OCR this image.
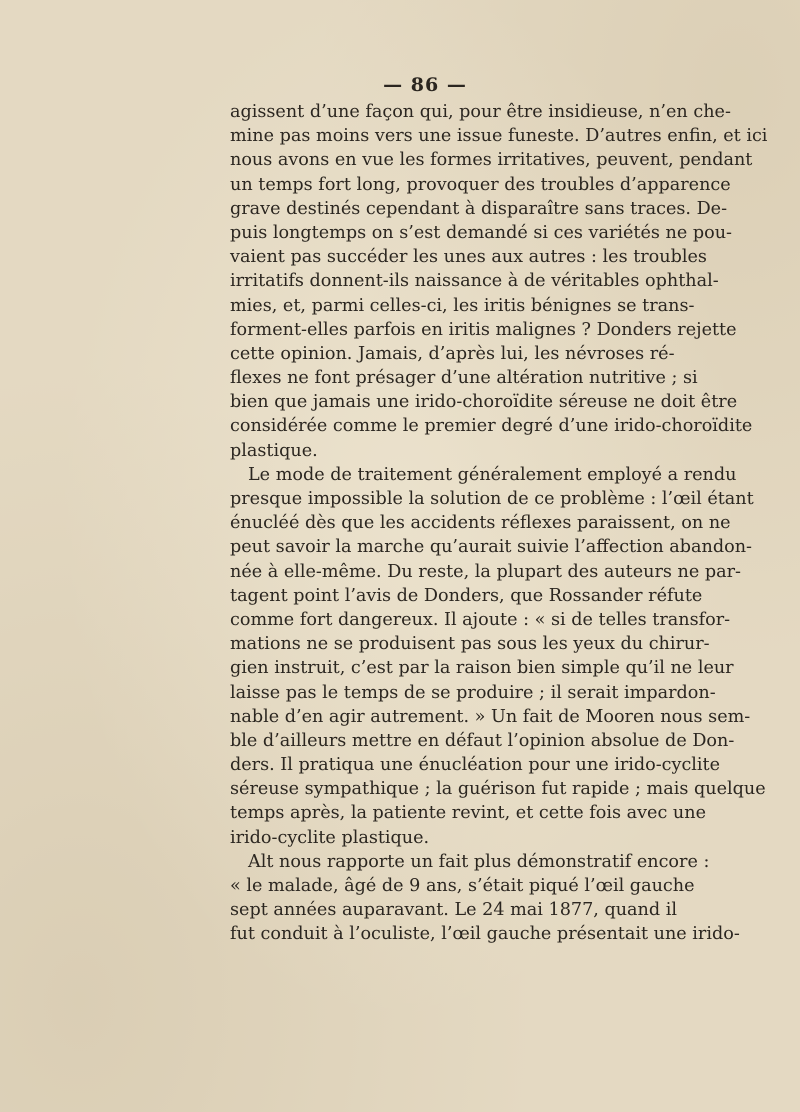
— 86 —
agissent d’une façon qui, pour être insidieuse, n’en che-
mine pas moins vers une issue funeste. D’autres enfin, et ici
nous avons en vue les formes irritatives, peuvent, pendant
un temps fort long, provoquer des troubles d’apparence
grave destinés cependant à disparaître sans traces. De-
puis longtemps on s’est demandé si ces variétés ne pou-
vaient pas succéder les unes aux autres : les troubles
irritatifs donnent-ils naissance à de véritables ophthal-
mies, et, parmi celles-ci, les iritis bénignes se trans-
forment-elles parfois en iritis malignes ? Donders rejette
cette opinion. Jamais, d’après lui, les névroses ré-
flexes ne font présager d’une altération nutritive ; si
bien que jamais une irido-choroïdite séreuse ne doit être
considérée comme le premier degré d’une irido-choroïdite
plastique.
Le mode de traitement généralement employé a rendu
presque impossible la solution de ce problème : l’œil étant
énucléé dès que les accidents réflexes paraissent, on ne
peut savoir la marche qu’aurait suivie l’affection abandon-
née à elle-même. Du reste, la plupart des auteurs ne par-
tagent point l’avis de Donders, que Rossander réfute
comme fort dangereux. Il ajoute : « si de telles transfor-
mations ne se produisent pas sous les yeux du chirur-
gien instruit, c’est par la raison bien simple qu’il ne leur
laisse pas le temps de se produire ; il serait impardon-
nable d’en agir autrement. » Un fait de Mooren nous sem-
ble d’ailleurs mettre en défaut l’opinion absolue de Don-
ders. Il pratiqua une énucléation pour une irido-cyclite
séreuse sympathique ; la guérison fut rapide ; mais quelque
temps après, la patiente revint, et cette fois avec une
irido-cyclite plastique.
Alt nous rapporte un fait plus démonstratif encore :
« le malade, âgé de 9 ans, s’était piqué l’œil gauche
sept années auparavant. Le 24 mai 1877, quand il
fut conduit à l’oculiste, l’œil gauche présentait une irido-
